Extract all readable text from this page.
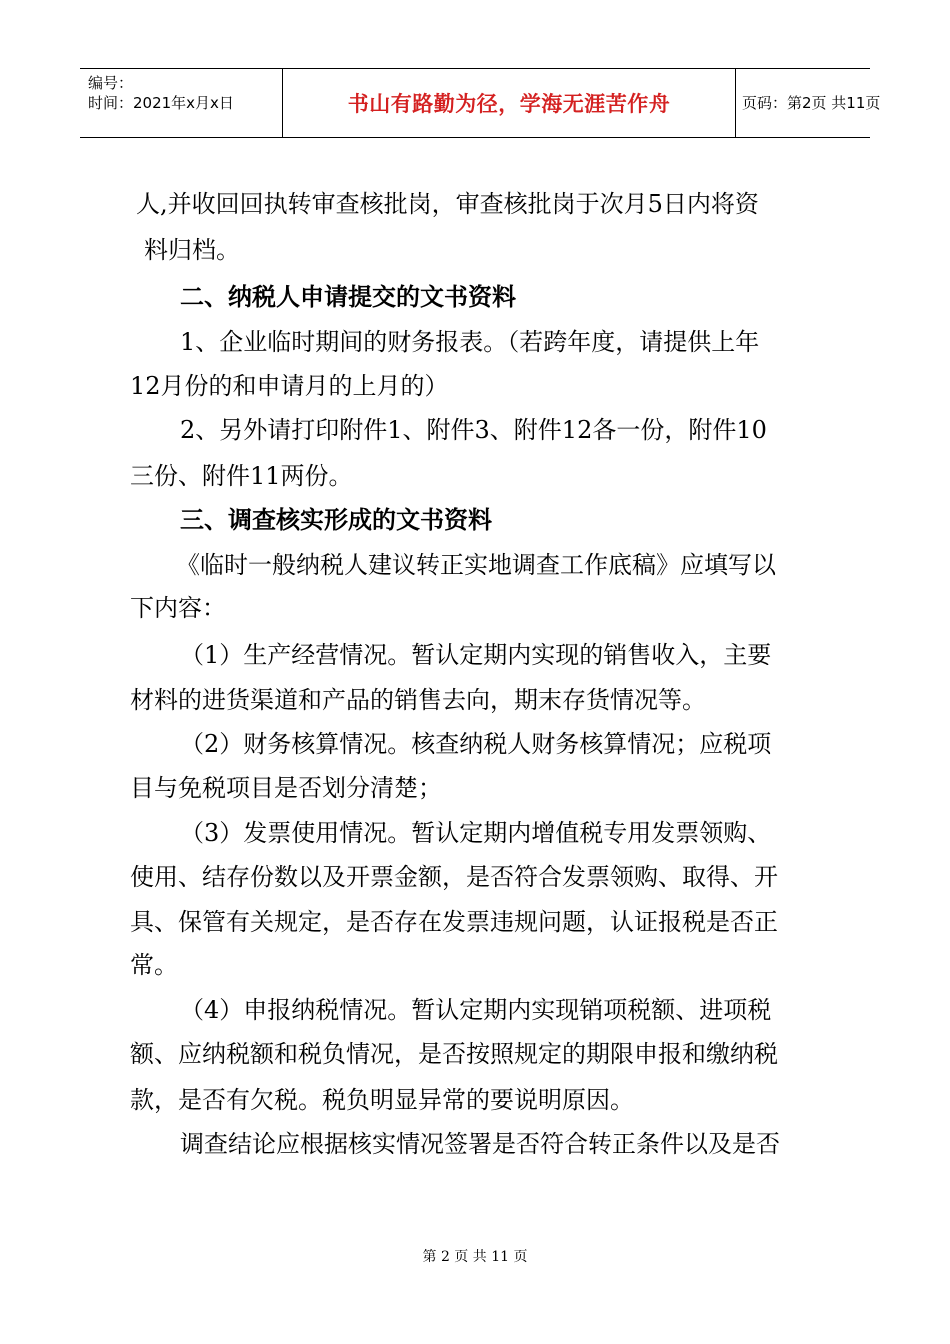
编号：
时间：2021年x月x日	书山有路勤为径，学海无涯苦作舟	页码：第2页 共11页
人,并收回回执转审查核批岗，审查核批岗于次月5日内将资
料归档。
二、纳税人申请提交的文书资料
1、企业临时期间的财务报表。（若跨年度，请提供上年
12月份的和申请月的上月的）
2、另外请打印附件1、附件3、附件12各一份，附件10
三份、附件11两份。
三、调查核实形成的文书资料
《临时一般纳税人建议转正实地调查工作底稿》应填写以
下内容：
（1）生产经营情况。暂认定期内实现的销售收入，主要
材料的进货渠道和产品的销售去向，期末存货情况等。
（2）财务核算情况。核查纳税人财务核算情况；应税项
目与免税项目是否划分清楚；
（3）发票使用情况。暂认定期内增值税专用发票领购、
使用、结存份数以及开票金额，是否符合发票领购、取得、开
具、保管有关规定，是否存在发票违规问题，认证报税是否正
常。
（4）申报纳税情况。暂认定期内实现销项税额、进项税
额、应纳税额和税负情况，是否按照规定的期限申报和缴纳税
款，是否有欠税。税负明显异常的要说明原因。
调查结论应根据核实情况签署是否符合转正条件以及是否
第 2 页 共 11 页
